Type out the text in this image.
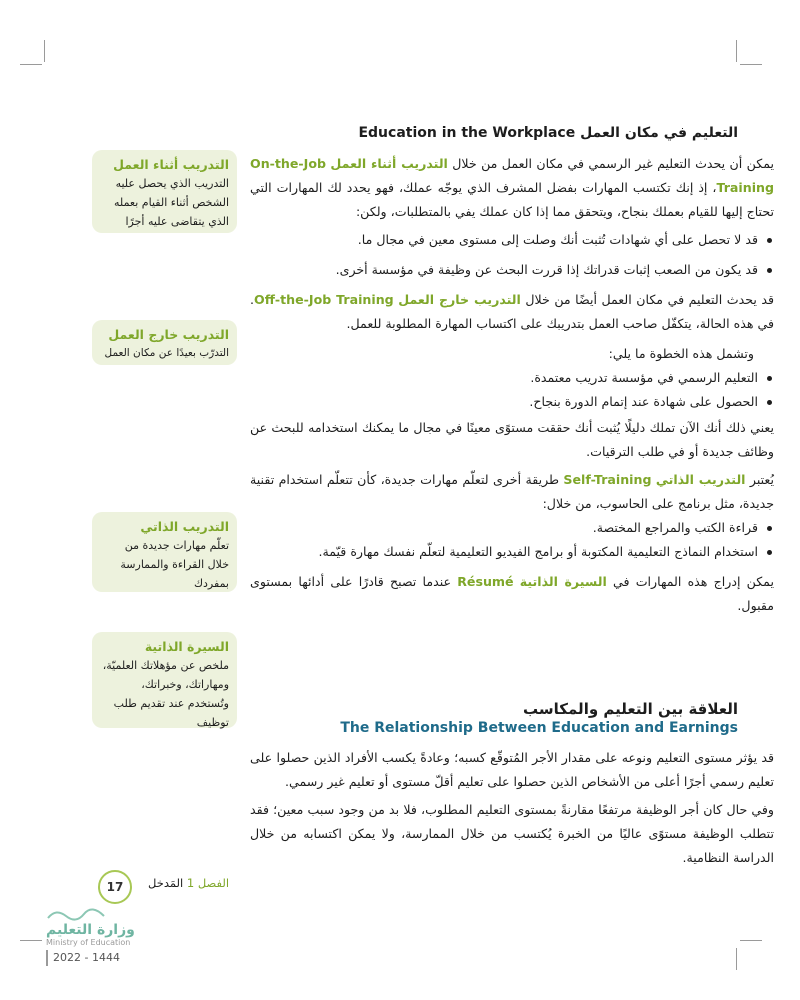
التعليم في مكان العمل Education in the Workplace

يمكن أن يحدث التعليم غير الرسمي في مكان العمل من خلال التدريب أثناء العمل On-the-Job Training، إذ إنك تكتسب المهارات بفضل المشرف الذي يوجّه عملك، فهو يحدد لك المهارات التي تحتاج إليها للقيام بعملك بنجاح، ويتحقق مما إذا كان عملك يفي بالمتطلبات، ولكن:

قد لا تحصل على أي شهادات تُثبت أنك وصلت إلى مستوى معين في مجال ما.
قد يكون من الصعب إثبات قدراتك إذا قررت البحث عن وظيفة في مؤسسة أخرى.

قد يحدث التعليم في مكان العمل أيضًا من خلال التدريب خارج العمل Off-the-Job Training. في هذه الحالة، يتكفّل صاحب العمل بتدريبك على اكتساب المهارة المطلوبة للعمل.

وتشمل هذه الخطوة ما يلي:

التعليم الرسمي في مؤسسة تدريب معتمدة.
الحصول على شهادة عند إتمام الدورة بنجاح.

يعني ذلك أنك الآن تملك دليلًا يُثبت أنك حققت مستوًى معينًا في مجال ما يمكنك استخدامه للبحث عن وظائف جديدة أو في طلب الترقيات.

يُعتبر التدريب الذاتي Self-Training طريقة أخرى لتعلّم مهارات جديدة، كأن تتعلّم استخدام تقنية جديدة، مثل برنامج على الحاسوب، من خلال:

قراءة الكتب والمراجع المختصة.
استخدام النماذج التعليمية المكتوبة أو برامج الفيديو التعليمية لتعلّم نفسك مهارة قيّمة.

يمكن إدراج هذه المهارات في السيرة الذاتية Résumé عندما تصبح قادرًا على أدائها بمستوى مقبول.

العلاقة بين التعليم والمكاسب
The Relationship Between Education and Earnings

قد يؤثر مستوى التعليم ونوعه على مقدار الأجر المُتوقّع كسبه؛ وعادةً يكسب الأفراد الذين حصلوا على تعليم رسمي أجرًا أعلى من الأشخاص الذين حصلوا على تعليم أقلّ مستوى أو تعليم غير رسمي.

وفي حال كان أجر الوظيفة مرتفعًا مقارنةً بمستوى التعليم المطلوب، فلا بد من وجود سبب معين؛ فقد تتطلب الوظيفة مستوًى عاليًا من الخبرة يُكتسب من خلال الممارسة، ولا يمكن اكتسابه من خلال الدراسة النظامية.

التدريب أثناء العمل
التدريب الذي يحصل عليه الشخص أثناء القيام بعمله الذي يتقاضى عليه أجرًا
التدريب خارج العمل
التدرّب بعيدًا عن مكان العمل
التدريب الذاتي
تعلّم مهارات جديدة من خلال القراءة والممارسة بمفردك
السيرة الذاتية
ملخص عن مؤهلاتك العلميّة، ومهاراتك، وخبراتك، وتُستخدم عند تقديم طلب توظيف
الفصل 1 المَدخل
17
وزارة التعليم
Ministry of Education
2022 - 1444
